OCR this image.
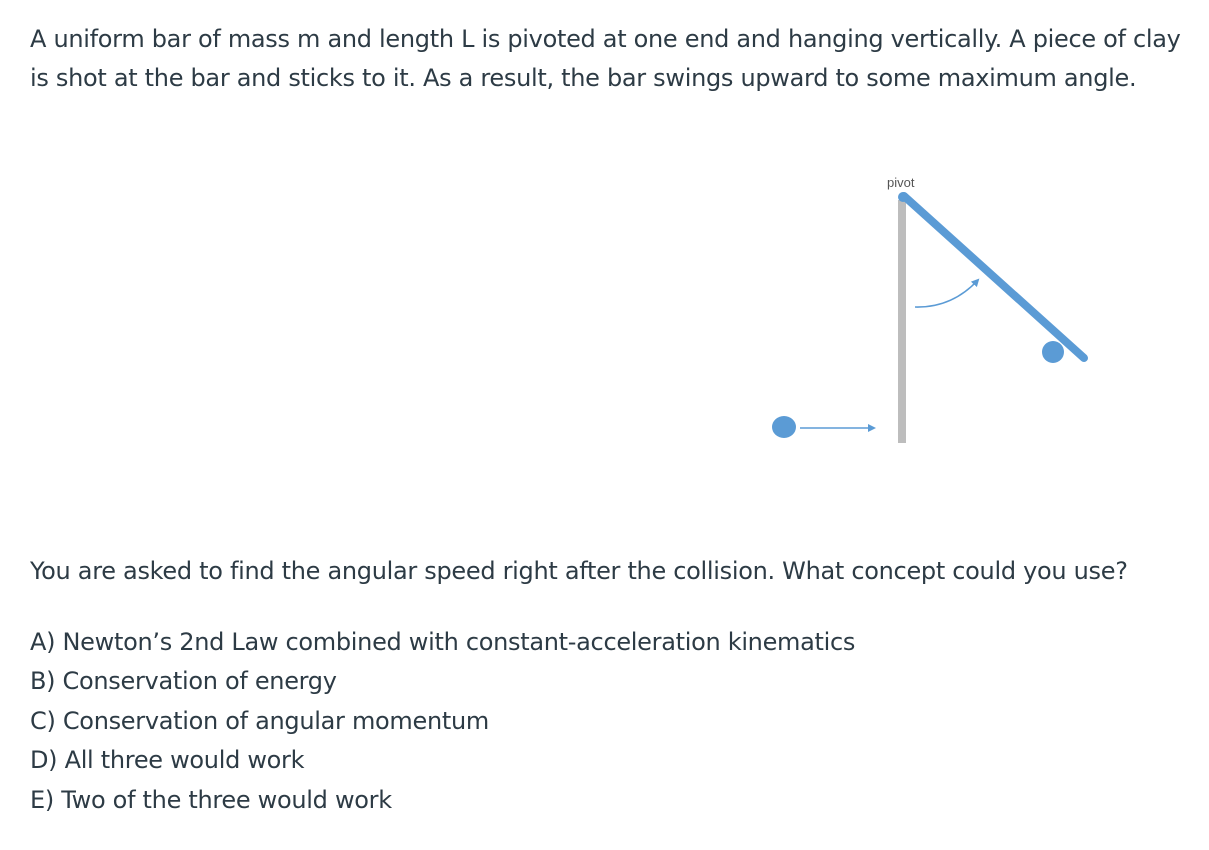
A uniform bar of mass m and length L is pivoted at one end and hanging vertically. A piece of clay is shot at the bar and sticks to it. As a result, the bar swings upward to some maximum angle.

pivot

You are asked to find the angular speed right after the collision. What concept could you use?

A) Newton’s 2nd Law combined with constant-acceleration kinematics
B) Conservation of energy
C) Conservation of angular momentum
D) All three would work
E) Two of the three would work
